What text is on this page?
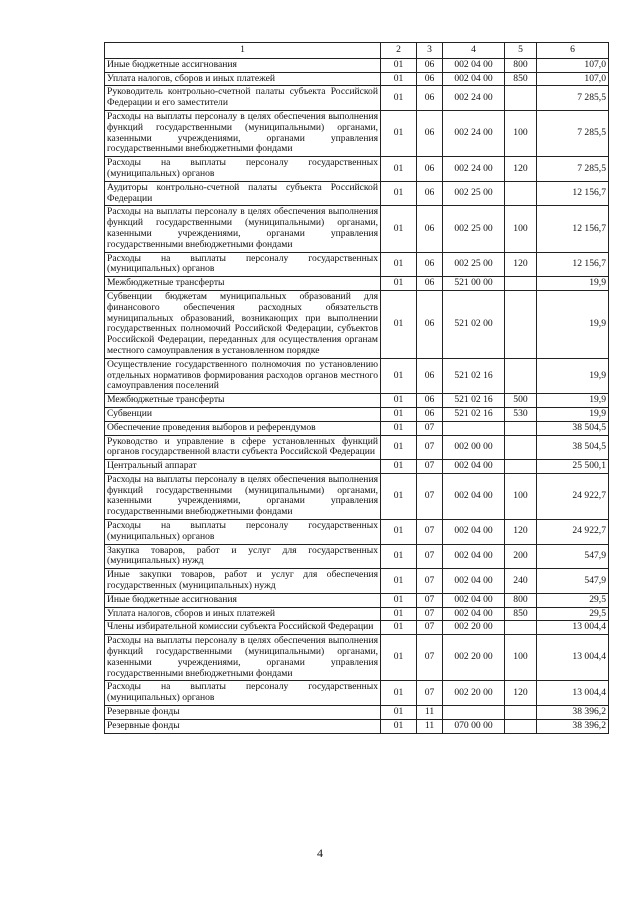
1	2	3	4	5	6
Иные бюджетные ассигнования	01	06	002 04 00	800	107,0
Уплата налогов, сборов и иных платежей	01	06	002 04 00	850	107,0
Руководитель контрольно-счетной палаты субъекта Российской Федерации и его заместители	01	06	002 24 00		7 285,5
Расходы на выплаты персоналу в целях обеспечения выполнения функций государственными (муниципальными) органами, казенными учреждениями, органами управления государственными внебюджетными фондами	01	06	002 24 00	100	7 285,5
Расходы на выплаты персоналу государственных (муниципальных) органов	01	06	002 24 00	120	7 285,5
Аудиторы контрольно-счетной палаты субъекта Российской Федерации	01	06	002 25 00		12 156,7
Расходы на выплаты персоналу в целях обеспечения выполнения функций государственными (муниципальными) органами, казенными учреждениями, органами управления государственными внебюджетными фондами	01	06	002 25 00	100	12 156,7
Расходы на выплаты персоналу государственных (муниципальных) органов	01	06	002 25 00	120	12 156,7
Межбюджетные трансферты	01	06	521 00 00		19,9
Субвенции бюджетам муниципальных образований для финансового обеспечения расходных обязательств муниципальных образований, возникающих при выполнении государственных полномочий Российской Федерации, субъектов Российской Федерации, переданных для осуществления органам местного самоуправления в установленном порядке	01	06	521 02 00		19,9
Осуществление государственного полномочия по установлению отдельных нормативов формирования расходов органов местного самоуправления поселений	01	06	521 02 16		19,9
Межбюджетные трансферты	01	06	521 02 16	500	19,9
Субвенции	01	06	521 02 16	530	19,9
Обеспечение проведения выборов и референдумов	01	07			38 504,5
Руководство и управление в сфере установленных функций органов государственной власти субъекта Российской Федерации	01	07	002 00 00		38 504,5
Центральный аппарат	01	07	002 04 00		25 500,1
Расходы на выплаты персоналу в целях обеспечения выполнения функций государственными (муниципальными) органами, казенными учреждениями, органами управления государственными внебюджетными фондами	01	07	002 04 00	100	24 922,7
Расходы на выплаты персоналу государственных (муниципальных) органов	01	07	002 04 00	120	24 922,7
Закупка товаров, работ и услуг для государственных (муниципальных) нужд	01	07	002 04 00	200	547,9
Иные закупки товаров, работ и услуг для обеспечения государственных (муниципальных) нужд	01	07	002 04 00	240	547,9
Иные бюджетные ассигнования	01	07	002 04 00	800	29,5
Уплата налогов, сборов и иных платежей	01	07	002 04 00	850	29,5
Члены избирательной комиссии субъекта Российской Федерации	01	07	002 20 00		13 004,4
Расходы на выплаты персоналу в целях обеспечения выполнения функций государственными (муниципальными) органами, казенными учреждениями, органами управления государственными внебюджетными фондами	01	07	002 20 00	100	13 004,4
Расходы на выплаты персоналу государственных (муниципальных) органов	01	07	002 20 00	120	13 004,4
Резервные фонды	01	11			38 396,2
Резервные фонды	01	11	070 00 00		38 396,2
4
